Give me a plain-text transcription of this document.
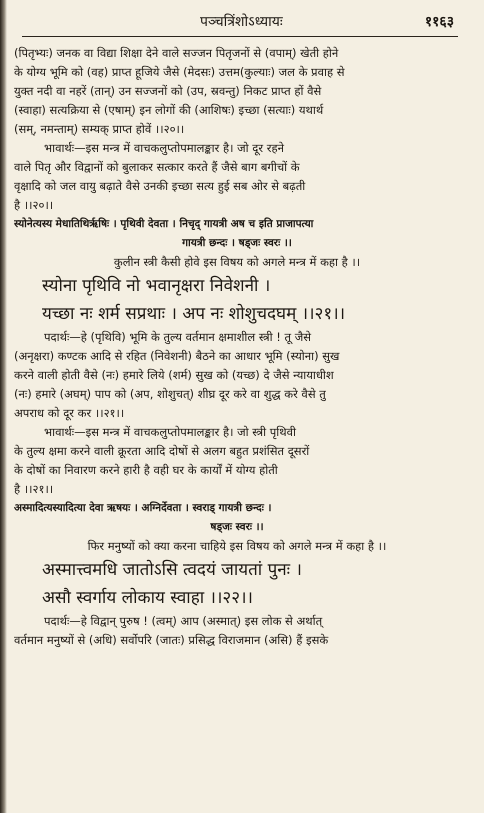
पञ्चत्रिंशोऽध्यायः	११६३
(पितृभ्यः) जनक वा विद्या शिक्षा देने वाले सज्जन पितृजनों से (वपाम्) खेती होने
के योग्य भूमि को (वह) प्राप्त हूजिये जैसे (मेदसः) उत्तम(कुल्याः) जल के प्रवाह से
युक्त नदी वा नहरें (तान्) उन सज्जनों को (उप, स्रवन्तु) निकट प्राप्त हों वैसे
(स्वाहा) सत्यक्रिया से (एषाम्) इन लोगों की (आशिषः) इच्छा (सत्याः) यथार्थ
(सम्, नमन्ताम्) सम्यक् प्राप्त होवें ।।२०।।
भावार्थः—इस मन्त्र में वाचकलुप्तोपमालङ्कार है। जो दूर रहने
वाले पितृ और विद्वानों को बुलाकर सत्कार करते हैं जैसे बाग बगीचों के
वृक्षादि को जल वायु बढ़ाते वैसे उनकी इच्छा सत्य हुई सब ओर से बढ़ती
है ।।२०।।
स्योनेत्यस्य मेधातिथिर्ऋषिः । पृथिवी देवता । निचृद् गायत्री अष च इति प्राजापत्या
गायत्री छन्दः । षड्जः स्वरः ।।
कुलीन स्त्री कैसी होवे इस विषय को अगले मन्त्र में कहा है ।।
स्योना पृथिवि नो भवानृक्षरा निवेशनी ।
यच्छा नः शर्म सप्रथाः । अप नः शोशुचदघम् ।।२१।।
पदार्थः—हे (पृथिवि) भूमि के तुल्य वर्तमान क्षमाशील स्त्री ! तू जैसे
(अनृक्षरा) कण्टक आदि से रहित (निवेशनी) बैठने का आधार भूमि (स्योना) सुख
करने वाली होती वैसे (नः) हमारे लिये (शर्म) सुख को (यच्छ) दे जैसे न्यायाधीश
(नः) हमारे (अघम्) पाप को (अप, शोशुचत्) शीघ्र दूर करे वा शुद्ध करे वैसे तु
अपराध को दूर कर ।।२१।।
भावार्थः—इस मन्त्र में वाचकलुप्तोपमालङ्कार है। जो स्त्री पृथिवी
के तुल्य क्षमा करने वाली क्रूरता आदि दोषों से अलग बहुत प्रशंसित दूसरों
के दोषों का निवारण करने हारी है वही घर के कार्यों में योग्य होती
है ।।२१।।
अस्मादित्यस्यादित्या देवा ऋषयः । अग्निर्देवता । स्वराड् गायत्री छन्दः ।
षड्जः स्वरः ।।
फिर मनुष्यों को क्या करना चाहिये इस विषय को अगले मन्त्र में कहा है ।।
अस्मात्त्वमधि जातोऽसि त्वदयं जायतां पुनः ।
असौ स्वर्गाय लोकाय स्वाहा ।।२२।।
पदार्थः—हे विद्वान् पुरुष ! (त्वम्) आप (अस्मात्) इस लोक से अर्थात्
वर्तमान मनुष्यों से (अधि) सर्वोपरि (जातः) प्रसिद्ध विराजमान (असि) हैं इसके
